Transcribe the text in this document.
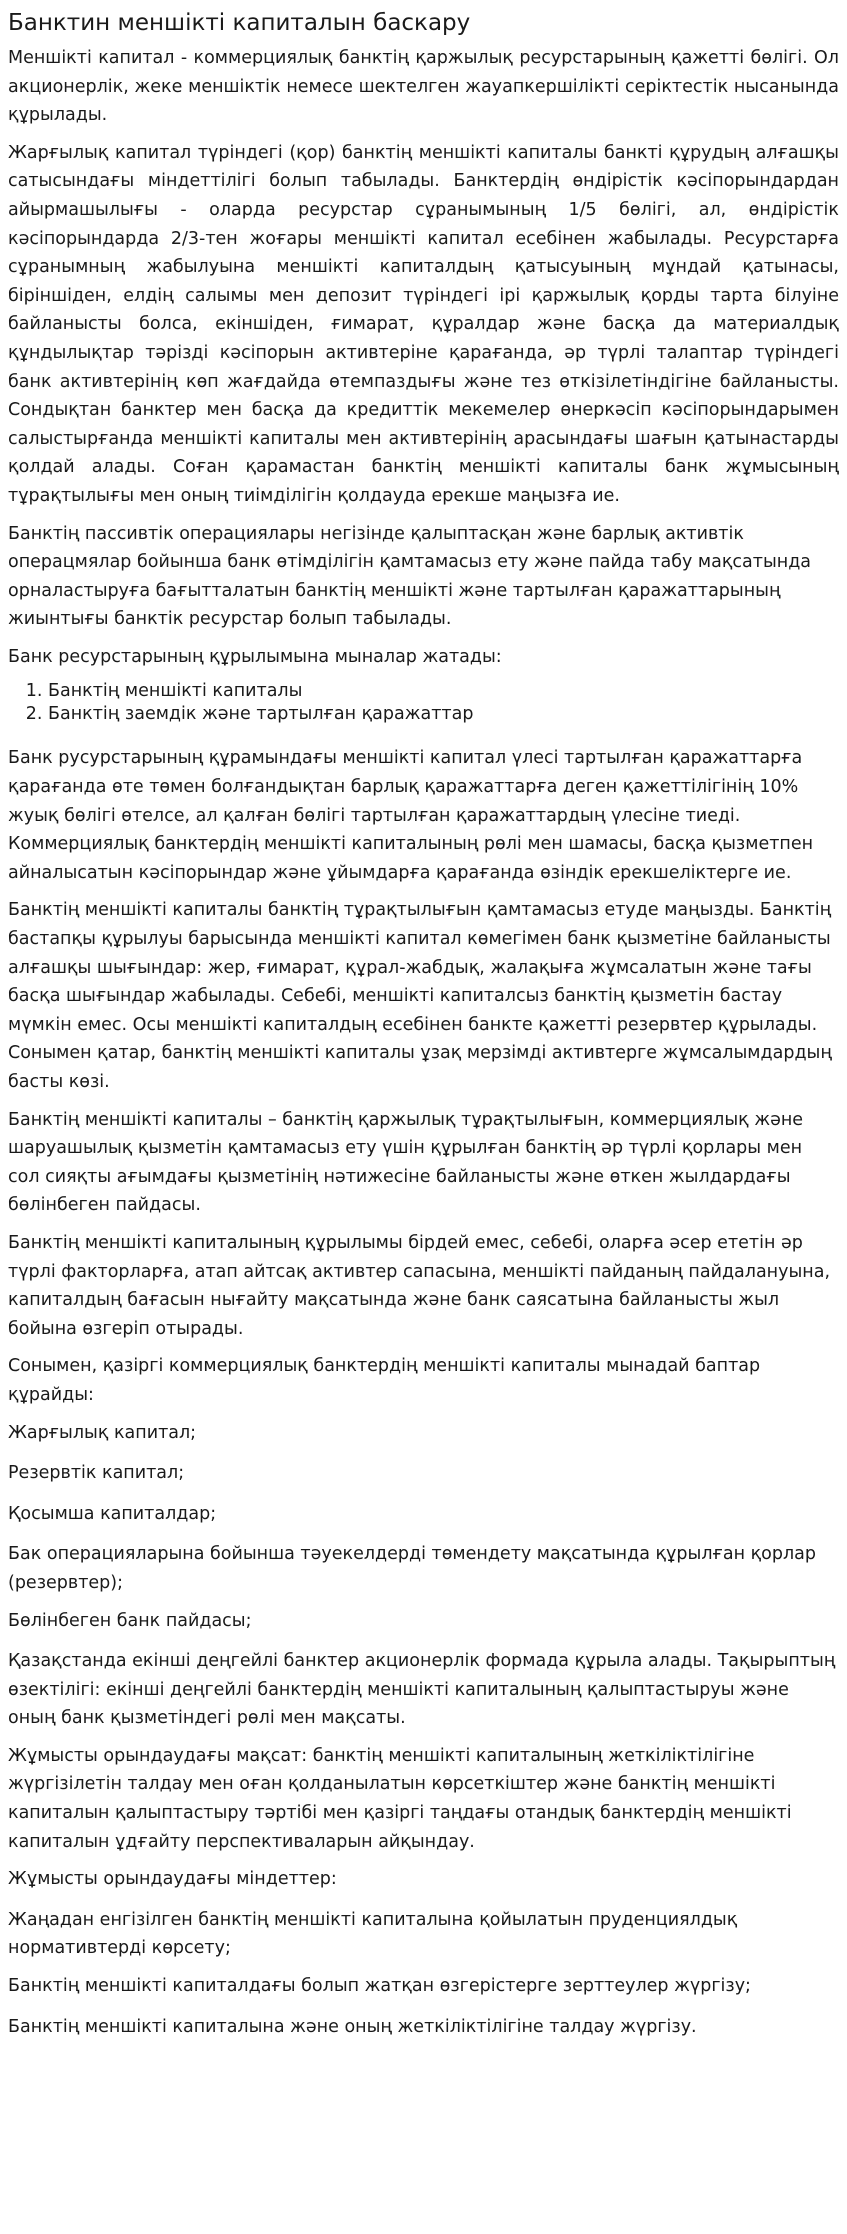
Банктин меншікті капиталын баскару

Меншікті капитал - коммерциялық банктің қаржылық ресурстарының қажетті бөлігі. Ол акционерлік, жеке меншіктік немесе шектелген жауапкершілікті серіктестік нысанында құрылады.

Жарғылық капитал түріндегі (қор) банктің меншікті капиталы банкті құрудың алғашқы сатысындағы міндеттілігі болып табылады. Банктердің өндірістік кәсіпорындардан айырмашылығы - оларда ресурстар сұранымының 1/5 бөлігі, ал, өндірістік кәсіпорындарда 2/3-тен жоғары меншікті капитал есебінен жабылады. Ресурстарға сұранымның жабылуына меншікті капиталдың қатысуының мұндай қатынасы, біріншіден, елдің салымы мен депозит түріндегі ірі қаржылық қорды тарта білуіне байланысты болса, екіншіден, ғимарат, құралдар және басқа да материалдық құндылықтар тәрізді кәсіпорын активтеріне қарағанда, әр түрлі талаптар түріндегі банк активтерінің көп жағдайда өтемпаздығы және тез өткізілетіндігіне байланысты. Сондықтан банктер мен басқа да кредиттік мекемелер өнеркәсіп кәсіпорындарымен салыстырғанда меншікті капиталы мен активтерінің арасындағы шағын қатынастарды қолдай алады. Соған қарамастан банктің меншікті капиталы банк жұмысының тұрақтылығы мен оның тиімділігін қолдауда ерекше маңызға ие.

Банктің пассивтік операциялары негізінде қалыптасқан және барлық активтік операцмялар бойынша банк өтімділігін қамтамасыз ету және пайда табу мақсатында орналастыруға бағытталатын банктің меншікті және тартылған қаражаттарының жиынтығы банктік ресурстар болып табылады.

Банк ресурстарының құрылымына мыналар жатады:

1. Банктің меншікті капиталы
2. Банктің заемдік және тартылған қаражаттар

Банк русурстарының құрамындағы меншікті капитал үлесі тартылған қаражаттарға қарағанда өте төмен болғандықтан барлық қаражаттарға деген қажеттілігінің 10% жуық бөлігі өтелсе, ал қалған бөлігі тартылған қаражаттардың үлесіне тиеді.

Коммерциялық банктердің меншікті капиталының рөлі мен шамасы, басқа қызметпен айналысатын кәсіпорындар және ұйымдарға қарағанда өзіндік ерекшеліктерге ие.

Банктің меншікті капиталы банктің тұрақтылығын қамтамасыз етуде маңызды. Банктің бастапқы құрылуы барысында меншікті капитал көмегімен банк қызметіне байланысты алғашқы шығындар: жер, ғимарат, құрал-жабдық, жалақыға жұмсалатын және тағы басқа шығындар жабылады. Себебі, меншікті капиталсыз банктің қызметін бастау мүмкін емес. Осы меншікті капиталдың есебінен банкте қажетті резервтер құрылады. Сонымен қатар, банктің меншікті капиталы ұзақ мерзімді активтерге жұмсалымдардың басты көзі.

Банктің меншікті капиталы – банктің қаржылық тұрақтылығын, коммерциялық және шаруашылық қызметін қамтамасыз ету үшін құрылған банктің әр түрлі қорлары мен сол сияқты ағымдағы қызметінің нәтижесіне байланысты және өткен жылдардағы бөлінбеген пайдасы.

Банктің меншікті капиталының құрылымы бірдей емес, себебі, оларға әсер ететін әр түрлі факторларға, атап айтсақ активтер сапасына, меншікті пайданың пайдалануына, капиталдың бағасын нығайту мақсатында және банк саясатына байланысты жыл бойына өзгеріп отырады.

Сонымен, қазіргі коммерциялық банктердің меншікті капиталы мынадай баптар құрайды:

Жарғылық капитал;

Резервтік капитал;

Қосымша капиталдар;

Бак операцияларына бойынша тәуекелдерді төмендету мақсатында құрылған қорлар (резервтер);

Бөлінбеген банк пайдасы;

Қазақстанда екінші деңгейлі банктер акционерлік формада құрыла алады. Тақырыптың өзектілігі: екінші деңгейлі банктердің меншікті капиталының қалыптастыруы және оның банк қызметіндегі рөлі мен мақсаты.

Жұмысты орындаудағы мақсат: банктің меншікті капиталының жеткіліктілігіне жүргізілетін талдау мен оған қолданылатын көрсеткіштер және банктің меншікті капиталын қалыптастыру тәртібі мен қазіргі таңдағы отандық банктердің меншікті капиталын ұдғайту перспективаларын айқындау.

Жұмысты орындаудағы міндеттер:

Жаңадан енгізілген банктің меншікті капиталына қойылатын пруденциялдық нормативтерді көрсету;

Банктің меншікті капиталдағы болып жатқан өзгерістерге зерттеулер жүргізу;

Банктің меншікті капиталына және оның жеткіліктілігіне талдау жүргізу.
